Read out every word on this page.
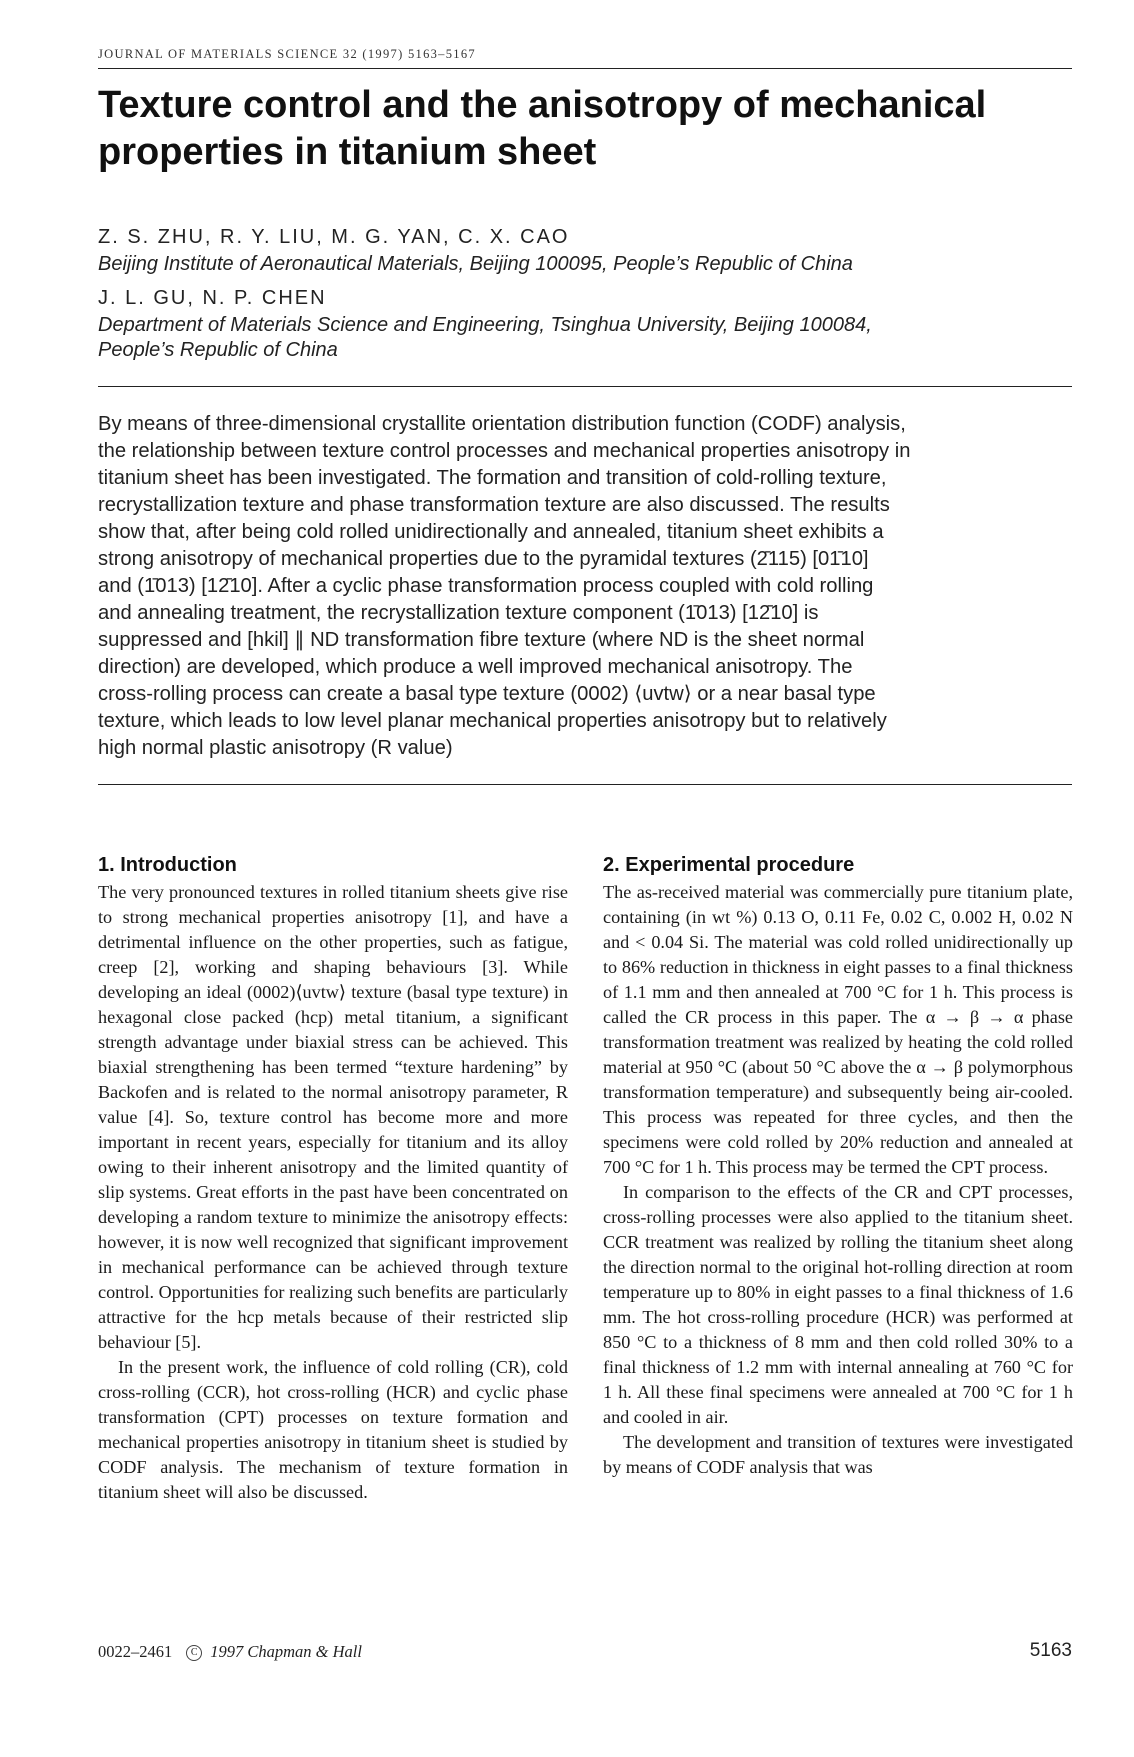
JOURNAL OF MATERIALS SCIENCE 32 (1997) 5163–5167
Texture control and the anisotropy of mechanical
properties in titanium sheet
Z. S. ZHU, R. Y. LIU, M. G. YAN, C. X. CAO
Beijing Institute of Aeronautical Materials, Beijing 100095, People’s Republic of China
J. L. GU, N. P. CHEN
Department of Materials Science and Engineering, Tsinghua University, Beijing 100084,
People’s Republic of China

By means of three-dimensional crystallite orientation distribution function (CODF) analysis,

the relationship between texture control processes and mechanical properties anisotropy in

titanium sheet has been investigated. The formation and transition of cold-rolling texture,

recrystallization texture and phase transformation texture are also discussed. The results

show that, after being cold rolled unidirectionally and annealed, titanium sheet exhibits a

strong anisotropy of mechanical properties due to the pyramidal textures (2̄115) [01̄10]

and (1̄013) [12̄10]. After a cyclic phase transformation process coupled with cold rolling

and annealing treatment, the recrystallization texture component (1̄013) [12̄10] is

suppressed and [hkil] ∥ ND transformation fibre texture (where ND is the sheet normal

direction) are developed, which produce a well improved mechanical anisotropy. The

cross-rolling process can create a basal type texture (0002) ⟨uvtw⟩ or a near basal type

texture, which leads to low level planar mechanical properties anisotropy but to relatively

high normal plastic anisotropy (R value)

1. Introduction

The very pronounced textures in rolled titanium sheets give rise to strong mechanical properties anisotropy [1], and have a detrimental influence on the other properties, such as fatigue, creep [2], working and shaping behaviours [3]. While developing an ideal (0002)⟨uvtw⟩ texture (basal type texture) in hexagonal close packed (hcp) metal titanium, a significant strength advantage under biaxial stress can be achieved. This biaxial strengthening has been termed “texture hardening” by Backofen and is related to the normal anisotropy parameter, R value [4]. So, texture control has become more and more important in recent years, especially for titanium and its alloy owing to their inherent anisotropy and the limited quantity of slip systems. Great efforts in the past have been concentrated on developing a random texture to minimize the anisotropy effects: however, it is now well recognized that significant improvement in mechanical performance can be achieved through texture control. Opportunities for realizing such benefits are particularly attractive for the hcp metals because of their restricted slip behaviour [5].

In the present work, the influence of cold rolling (CR), cold cross-rolling (CCR), hot cross-rolling (HCR) and cyclic phase transformation (CPT) processes on texture formation and mechanical properties anisotropy in titanium sheet is studied by CODF analysis. The mechanism of texture formation in titanium sheet will also be discussed.

2. Experimental procedure

The as-received material was commercially pure titanium plate, containing (in wt %) 0.13 O, 0.11 Fe, 0.02 C, 0.002 H, 0.02 N and < 0.04 Si. The material was cold rolled unidirectionally up to 86% reduction in thickness in eight passes to a final thickness of 1.1 mm and then annealed at 700 °C for 1 h. This process is called the CR process in this paper. The α → β → α phase transformation treatment was realized by heating the cold rolled material at 950 °C (about 50 °C above the α → β polymorphous transformation temperature) and subsequently being air-cooled. This process was repeated for three cycles, and then the specimens were cold rolled by 20% reduction and annealed at 700 °C for 1 h. This process may be termed the CPT process.

In comparison to the effects of the CR and CPT processes, cross-rolling processes were also applied to the titanium sheet. CCR treatment was realized by rolling the titanium sheet along the direction normal to the original hot-rolling direction at room temperature up to 80% in eight passes to a final thickness of 1.6 mm. The hot cross-rolling procedure (HCR) was performed at 850 °C to a thickness of 8 mm and then cold rolled 30% to a final thickness of 1.2 mm with internal annealing at 760 °C for 1 h. All these final specimens were annealed at 700 °C for 1 h and cooled in air.

The development and transition of textures were investigated by means of CODF analysis that was

0022–2461 C 1997 Chapman & Hall	5163
